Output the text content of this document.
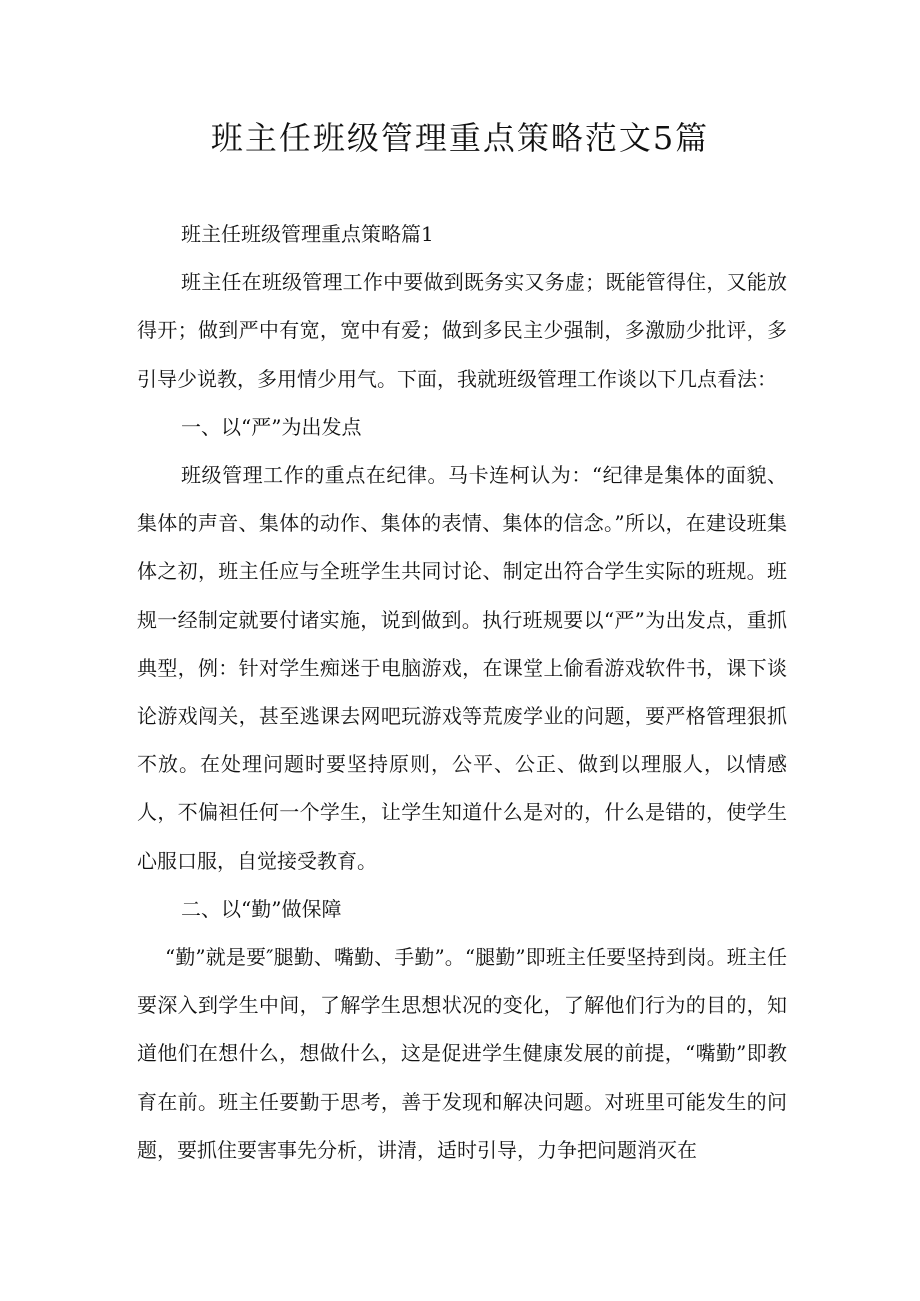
班主任班级管理重点策略范文5篇

班主任班级管理重点策略篇1

班主任在班级管理工作中要做到既务实又务虚；既能管得住，又能放得开；做到严中有宽，宽中有爱；做到多民主少强制，多激励少批评，多引导少说教，多用情少用气。下面，我就班级管理工作谈以下几点看法：

一、以“严”为出发点

班级管理工作的重点在纪律。马卡连柯认为：“纪律是集体的面貌、集体的声音、集体的动作、集体的表情、集体的信念。”所以，在建设班集体之初，班主任应与全班学生共同讨论、制定出符合学生实际的班规。班规一经制定就要付诸实施，说到做到。执行班规要以“严”为出发点，重抓典型，例：针对学生痴迷于电脑游戏，在课堂上偷看游戏软件书，课下谈论游戏闯关，甚至逃课去网吧玩游戏等荒废学业的问题，要严格管理狠抓不放。在处理问题时要坚持原则，公平、公正、做到以理服人，以情感人，不偏袒任何一个学生，让学生知道什么是对的，什么是错的，使学生心服口服，自觉接受教育。

二、以“勤”做保障

“勤”就是要″腿勤、嘴勤、手勤”。“腿勤”即班主任要坚持到岗。班主任要深入到学生中间，了解学生思想状况的变化，了解他们行为的目的，知道他们在想什么，想做什么，这是促进学生健康发展的前提，“嘴勤”即教育在前。班主任要勤于思考，善于发现和解决问题。对班里可能发生的问题，要抓住要害事先分析，讲清，适时引导，力争把问题消灭在
